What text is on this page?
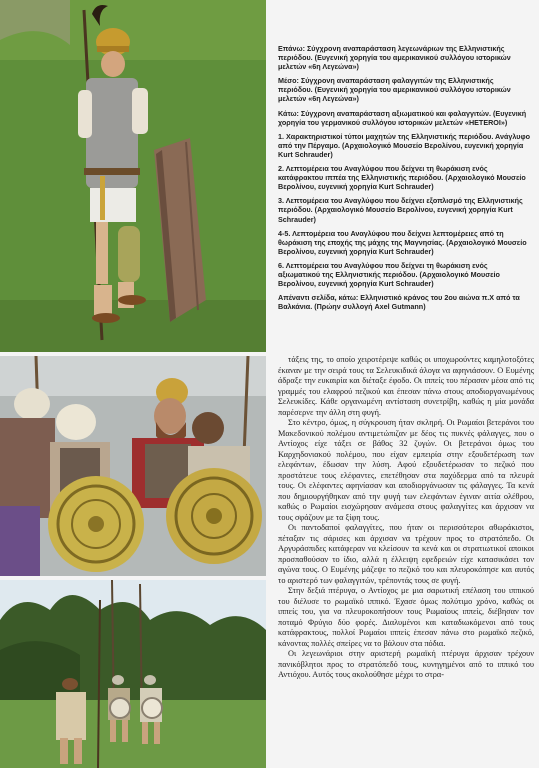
Επάνω: Σύγχρονη αναπαράσταση λεγεωνάριων της Ελληνιστικής περιόδου. (Ευγενική χορηγία του αμερικανικού συλλόγου ιστορικών μελετών «6η Λεγεώνα»)

Μέσο: Σύγχρονη αναπαράσταση φαλαγγιτών της Ελληνιστικής περιόδου. (Ευγενική χορηγία του αμερικανικού συλλόγου ιστορικών μελετών «6η Λεγεώνα»)

Κάτω: Σύγχρονη αναπαράσταση αξιωματικού και φαλαγγιτών. (Ευγενική χορηγία του γερμανικού συλλόγου ιστορικών μελετών «HETEROI»)

1. Χαρακτηριστικοί τύποι μαχητών της Ελληνιστικής περιόδου. Ανάγλυφο από την Πέργαμο. (Αρχαιολογικό Μουσείο Βερολίνου, ευγενική χορηγία Kurt Schrauder)

2. Λεπτομέρεια του Αναγλύφου που δείχνει τη θωράκιση ενός κατάφρακτου ιππέα της Ελληνιστικής περιόδου. (Αρχαιολογικό Μουσείο Βερολίνου, ευγενική χορηγία Kurt Schrauder)

3. Λεπτομέρεια του Αναγλύφου που δείχνει εξοπλισμό της Ελληνιστικής περιόδου. (Αρχαιολογικό Μουσείο Βερολίνου, ευγενική χορηγία Kurt Schrauder)

4-5. Λεπτομέρεια του Αναγλύφου που δείχνει λεπτομέρειες από τη θωράκιση της εποχής της μάχης της Μαγνησίας. (Αρχαιολογικό Μουσείο Βερολίνου, ευγενική χορηγία Kurt Schrauder)

6. Λεπτομέρεια του Αναγλύφου που δείχνει τη θωράκιση ενός αξιωματικού της Ελληνιστικής περιόδου. (Αρχαιολογικό Μουσείο Βερολίνου, ευγενική χορηγία Kurt Schrauder)

Απέναντι σελίδα, κάτω: Ελληνιστικό κράνος του 2ου αιώνα π.Χ από τα Βαλκάνια. (Πρώην συλλογή Axel Gutmann)

τάξεις της, το οποίο χειροτέρεψε καθώς οι υποχωρούντες καμηλοτοξότες έκαναν με την σειρά τους τα Σελευκιδικά άλογα να αφηνιάσουν. Ο Ευμένης άδραξε την ευκαιρία και διέταξε έφοδο. Οι ιππείς του πέρασαν μέσα από τις γραμμές του ελαφρού πεζικού και έπεσαν πάνω στους αποδιοργανωμένους Σελευκίδες. Κάθε οργανωμένη αντίσταση συνετρίβη, καθώς η μία μονάδα παρέσερνε την άλλη στη φυγή.

Στο κέντρο, όμως, η σύγκρουση ήταν σκληρή. Οι Ρωμαίοι βετεράνοι του Μακεδονικού πολέμου αντιμετώπιζαν με δέος τις πυκνές φάλαγγες, που ο Αντίοχος είχε τάξει σε βάθος 32 ζυγών. Οι βετεράνοι όμως του Καρχηδονιακού πολέμου, που είχαν εμπειρία στην εξουδετέρωση των ελεφάντων, έδωσαν την λύση. Αφού εξουδετέρωσαν το πεζικό που προστάτευε τους ελέφαντες, επετέθησαν στα παχύδερμα από τα πλευρά τους. Οι ελέφαντες αφηνίασαν και αποδιοργάνωσαν τις φάλαγγες. Τα κενά που δημιουργήθηκαν από την φυγή των ελεφάντων έγιναν αιτία ολέθρου, καθώς ο Ρωμαίοι εισχώρησαν ανάμεσα στους φαλαγγίτες και άρχισαν να τους σφάζουν με τα ξίφη τους.

Οι παντοδαποί φαλαγγίτες, που ήταν οι περισσότεροι αθωράκιστοι, πέταξαν τις σάρισες και άρχισαν να τρέχουν προς το στρατόπεδο. Οι Αργυράσπιδες κατάφεραν να κλείσουν τα κενά και οι στρατιωτικοί αποικοι προσπαθούσαν το ίδιο, αλλά η έλλειψη εφεδρειών είχε κατασικάσει τον αγώνα τους. Ο Ευμένης μάζεψε το πεζικό του και πλευροκόπησε και αυτός το αριστερό των φαλαγγιτών, τρέποντάς τους σε φυγή.

Στην δεξιά πτέρυγα, ο Αντίοχος με μια σαρωτική επέλαση του ιππικού του διέλυσε το ρωμαϊκό ιππικό. Έχασε όμως πολύτιμο χρόνο, καθώς οι ιππείς του, για να πλευροκοπήσουν τους Ρωμαίους ιππείς, διέβησαν τον ποταμό Φρύγιο δύο φορές. Διαλυμένοι και καταδιωκόμενοι από τους κατάφρακτους, πολλοί Ρωμαίοι ιππείς έπεσαν πάνω στο ρωμαϊκό πεζικό, κάνοντας πολλές σπείρες να το βάλουν στα πόδια.

Οι λεγεωνάριοι στην αριστερή ρωμαϊκή πτέρυγα άρχισαν τρέχουν πανικόβλητοι προς το στρατόπεδό τους, κυνηγημένοι από το ιππικό του Αντιόχου. Αυτός τους ακολούθησε μέχρι το στρα-
